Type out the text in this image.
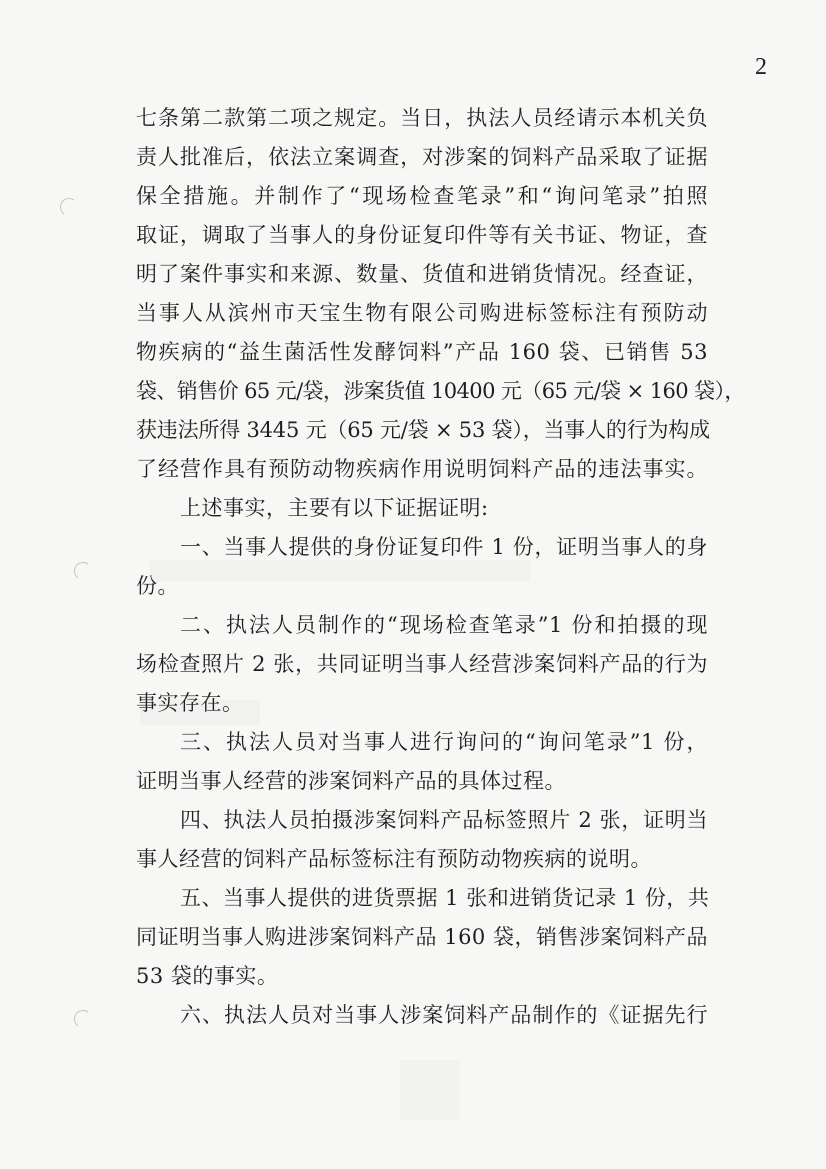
2
七条第二款第二项之规定。当日，执法人员经请示本机关负
责人批准后，依法立案调查，对涉案的饲料产品采取了证据
保全措施。并制作了“现场检查笔录”和“询问笔录”拍照
取证，调取了当事人的身份证复印件等有关书证、物证，查
明了案件事实和来源、数量、货值和进销货情况。经查证，
当事人从滨州市天宝生物有限公司购进标签标注有预防动
物疾病的“益生菌活性发酵饲料”产品 160 袋、已销售 53
袋、销售价 65 元/袋，涉案货值 10400 元（65 元/袋 × 160 袋），
获违法所得 3445 元（65 元/袋 × 53 袋），当事人的行为构成
了经营作具有预防动物疾病作用说明饲料产品的违法事实。
上述事实，主要有以下证据证明:
一、当事人提供的身份证复印件 1 份，证明当事人的身
份。
二、执法人员制作的“现场检查笔录”1 份和拍摄的现
场检查照片 2 张，共同证明当事人经营涉案饲料产品的行为
事实存在。
三、执法人员对当事人进行询问的“询问笔录”1 份，
证明当事人经营的涉案饲料产品的具体过程。
四、执法人员拍摄涉案饲料产品标签照片 2 张，证明当
事人经营的饲料产品标签标注有预防动物疾病的说明。
五、当事人提供的进货票据 1 张和进销货记录 1 份，共
同证明当事人购进涉案饲料产品 160 袋，销售涉案饲料产品
53 袋的事实。
六、执法人员对当事人涉案饲料产品制作的《证据先行
